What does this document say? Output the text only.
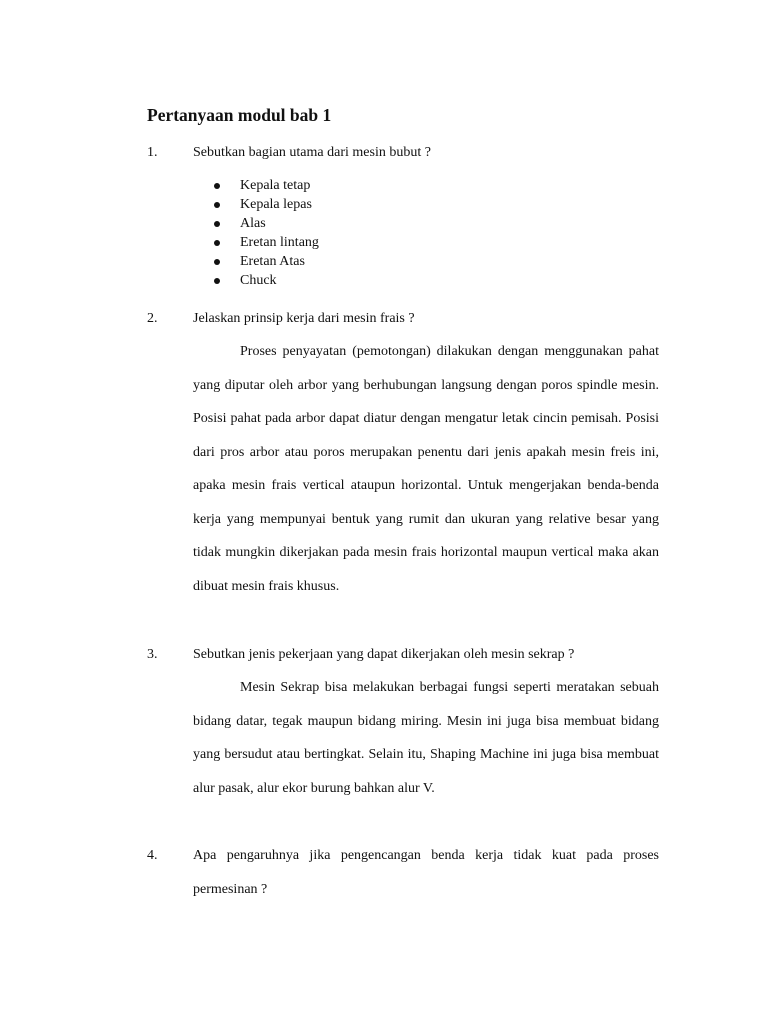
Pertanyaan modul bab 1
1.	Sebutkan bagian utama dari mesin bubut ?
Kepala tetap
Kepala lepas
Alas
Eretan lintang
Eretan Atas
Chuck
2.	Jelaskan prinsip kerja dari mesin frais ?

Proses penyayatan (pemotongan) dilakukan dengan menggunakan pahat yang diputar oleh arbor yang berhubungan langsung dengan poros spindle mesin. Posisi pahat pada arbor dapat diatur dengan mengatur letak cincin pemisah. Posisi dari pros arbor atau poros merupakan penentu dari jenis apakah mesin freis ini, apaka mesin frais vertical ataupun horizontal. Untuk mengerjakan benda-benda kerja yang mempunyai bentuk yang rumit dan ukuran yang relative besar yang tidak mungkin dikerjakan pada mesin frais horizontal maupun vertical maka akan dibuat mesin frais khusus.

3.	Sebutkan jenis pekerjaan yang dapat dikerjakan oleh mesin sekrap ?

Mesin Sekrap bisa melakukan berbagai fungsi seperti meratakan sebuah bidang datar, tegak maupun bidang miring. Mesin ini juga bisa membuat bidang yang bersudut atau bertingkat. Selain itu, Shaping Machine ini juga bisa membuat alur pasak, alur ekor burung bahkan alur V.

4.	Apa pengaruhnya jika pengencangan benda kerja tidak kuat pada proses permesinan ?
